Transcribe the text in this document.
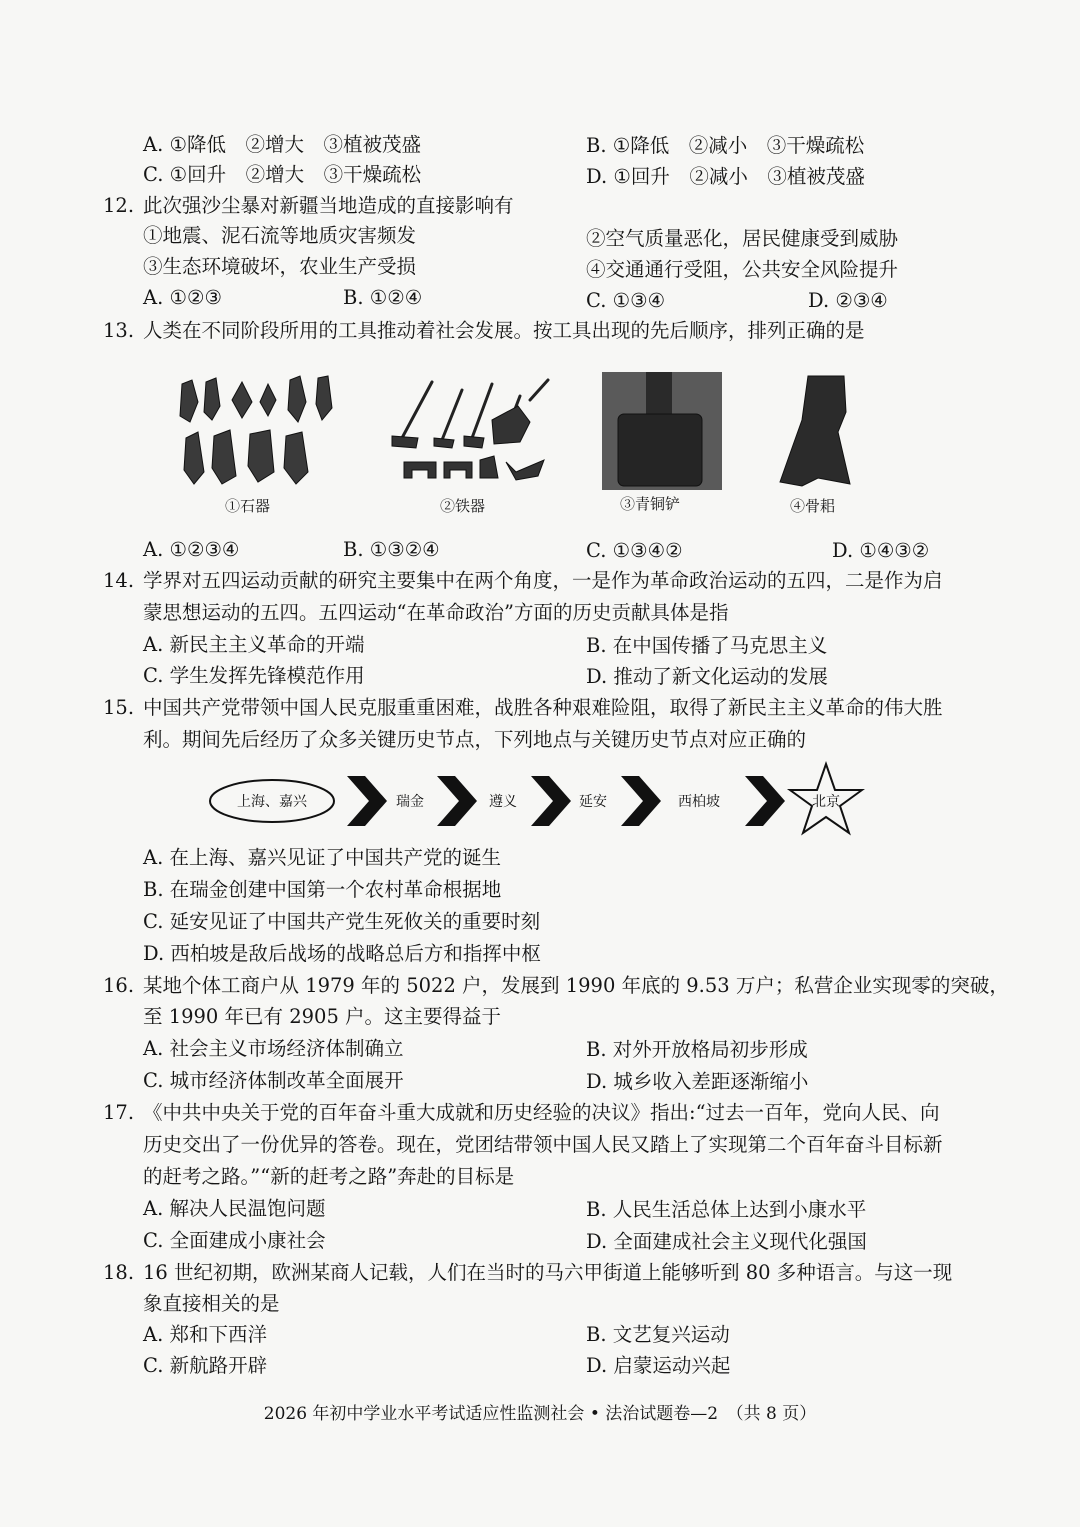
A. ①降低　②增大　③植被茂盛	B. ①降低　②减小　③干燥疏松
C. ①回升　②增大　③干燥疏松	D. ①回升　②减小　③植被茂盛
12. 此次强沙尘暴对新疆当地造成的直接影响有
①地震、泥石流等地质灾害频发	②空气质量恶化，居民健康受到威胁
③生态环境破坏，农业生产受损	④交通通行受阻，公共安全风险提升
A. ①②③	B. ①②④	C. ①③④	D. ②③④
13. 人类在不同阶段所用的工具推动着社会发展。按工具出现的先后顺序，排列正确的是
①石器	②铁器	③青铜铲	④骨耜
A. ①②③④	B. ①③②④	C. ①③④②	D. ①④③②
14. 学界对五四运动贡献的研究主要集中在两个角度，一是作为革命政治运动的五四，二是作为启
蒙思想运动的五四。五四运动“在革命政治”方面的历史贡献具体是指
A. 新民主主义革命的开端	B. 在中国传播了马克思主义
C. 学生发挥先锋模范作用	D. 推动了新文化运动的发展
15. 中国共产党带领中国人民克服重重困难，战胜各种艰难险阻，取得了新民主主义革命的伟大胜
利。期间先后经历了众多关键历史节点，下列地点与关键历史节点对应正确的
上海、嘉兴	瑞金	遵义	延安	西柏坡	北京
A. 在上海、嘉兴见证了中国共产党的诞生
B. 在瑞金创建中国第一个农村革命根据地
C. 延安见证了中国共产党生死攸关的重要时刻
D. 西柏坡是敌后战场的战略总后方和指挥中枢
16. 某地个体工商户从 1979 年的 5022 户，发展到 1990 年底的 9.53 万户；私营企业实现零的突破，
至 1990 年已有 2905 户。这主要得益于
A. 社会主义市场经济体制确立	B. 对外开放格局初步形成
C. 城市经济体制改革全面展开	D. 城乡收入差距逐渐缩小
17. 《中共中央关于党的百年奋斗重大成就和历史经验的决议》指出:“过去一百年，党向人民、向
历史交出了一份优异的答卷。现在，党团结带领中国人民又踏上了实现第二个百年奋斗目标新
的赶考之路。”“新的赶考之路”奔赴的目标是
A. 解决人民温饱问题	B. 人民生活总体上达到小康水平
C. 全面建成小康社会	D. 全面建成社会主义现代化强国
18. 16 世纪初期，欧洲某商人记载，人们在当时的马六甲街道上能够听到 80 多种语言。与这一现
象直接相关的是
A. 郑和下西洋	B. 文艺复兴运动
C. 新航路开辟	D. 启蒙运动兴起
2026 年初中学业水平考试适应性监测社会 • 法治试题卷—2　（共 8 页）
